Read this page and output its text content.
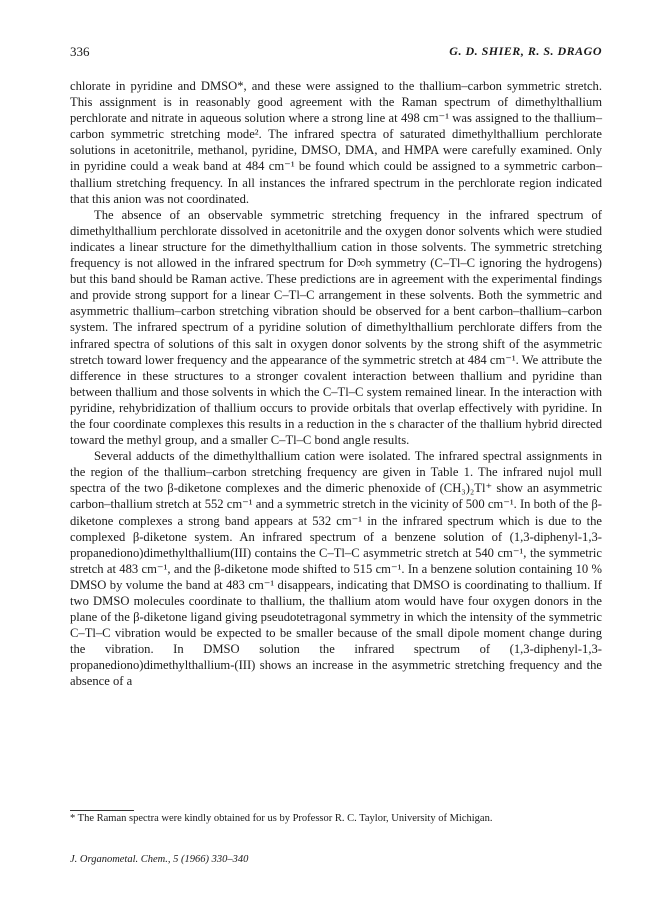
336	G. D. SHIER, R. S. DRAGO

chlorate in pyridine and DMSO*, and these were assigned to the thallium–carbon symmetric stretch. This assignment is in reasonably good agreement with the Raman spectrum of dimethylthallium perchlorate and nitrate in aqueous solution where a strong line at 498 cm⁻¹ was assigned to the thallium–carbon symmetric stretching mode². The infrared spectra of saturated dimethylthallium perchlorate solutions in acetonitrile, methanol, pyridine, DMSO, DMA, and HMPA were carefully examined. Only in pyridine could a weak band at 484 cm⁻¹ be found which could be assigned to a symmetric carbon–thallium stretching frequency. In all instances the infrared spectrum in the perchlorate region indicated that this anion was not coordinated.

The absence of an observable symmetric stretching frequency in the infrared spectrum of dimethylthallium perchlorate dissolved in acetonitrile and the oxygen donor solvents which were studied indicates a linear structure for the dimethylthallium cation in those solvents. The symmetric stretching frequency is not allowed in the infrared spectrum for D∞h symmetry (C–Tl–C ignoring the hydrogens) but this band should be Raman active. These predictions are in agreement with the experimental findings and provide strong support for a linear C–Tl–C arrangement in these solvents. Both the symmetric and asymmetric thallium–carbon stretching vibration should be observed for a bent carbon–thallium–carbon system. The infrared spectrum of a pyridine solution of dimethylthallium perchlorate differs from the infrared spectra of solutions of this salt in oxygen donor solvents by the strong shift of the asymmetric stretch toward lower frequency and the appearance of the symmetric stretch at 484 cm⁻¹. We attribute the difference in these structures to a stronger covalent interaction between thallium and pyridine than between thallium and those solvents in which the C–Tl–C system remained linear. In the interaction with pyridine, rehybridization of thallium occurs to provide orbitals that overlap effectively with pyridine. In the four coordinate complexes this results in a reduction in the s character of the thallium hybrid directed toward the methyl group, and a smaller C–Tl–C bond angle results.

Several adducts of the dimethylthallium cation were isolated. The infrared spectral assignments in the region of the thallium–carbon stretching frequency are given in Table 1. The infrared nujol mull spectra of the two β-diketone complexes and the dimeric phenoxide of (CH₃)₂Tl⁺ show an asymmetric carbon–thallium stretch at 552 cm⁻¹ and a symmetric stretch in the vicinity of 500 cm⁻¹. In both of the β-diketone complexes a strong band appears at 532 cm⁻¹ in the infrared spectrum which is due to the complexed β-diketone system. An infrared spectrum of a benzene solution of (1,3-diphenyl-1,3-propanediono)dimethylthallium(III) contains the C–Tl–C asymmetric stretch at 540 cm⁻¹, the symmetric stretch at 483 cm⁻¹, and the β-diketone mode shifted to 515 cm⁻¹. In a benzene solution containing 10 % DMSO by volume the band at 483 cm⁻¹ disappears, indicating that DMSO is coordinating to thallium. If two DMSO molecules coordinate to thallium, the thallium atom would have four oxygen donors in the plane of the β-diketone ligand giving pseudotetragonal symmetry in which the intensity of the symmetric C–Tl–C vibration would be expected to be smaller because of the small dipole moment change during the vibration. In DMSO solution the infrared spectrum of (1,3-diphenyl-1,3-propanediono)dimethylthallium-(III) shows an increase in the asymmetric stretching frequency and the absence of a

* The Raman spectra were kindly obtained for us by Professor R. C. Taylor, University of Michigan.
J. Organometal. Chem., 5 (1966) 330–340
